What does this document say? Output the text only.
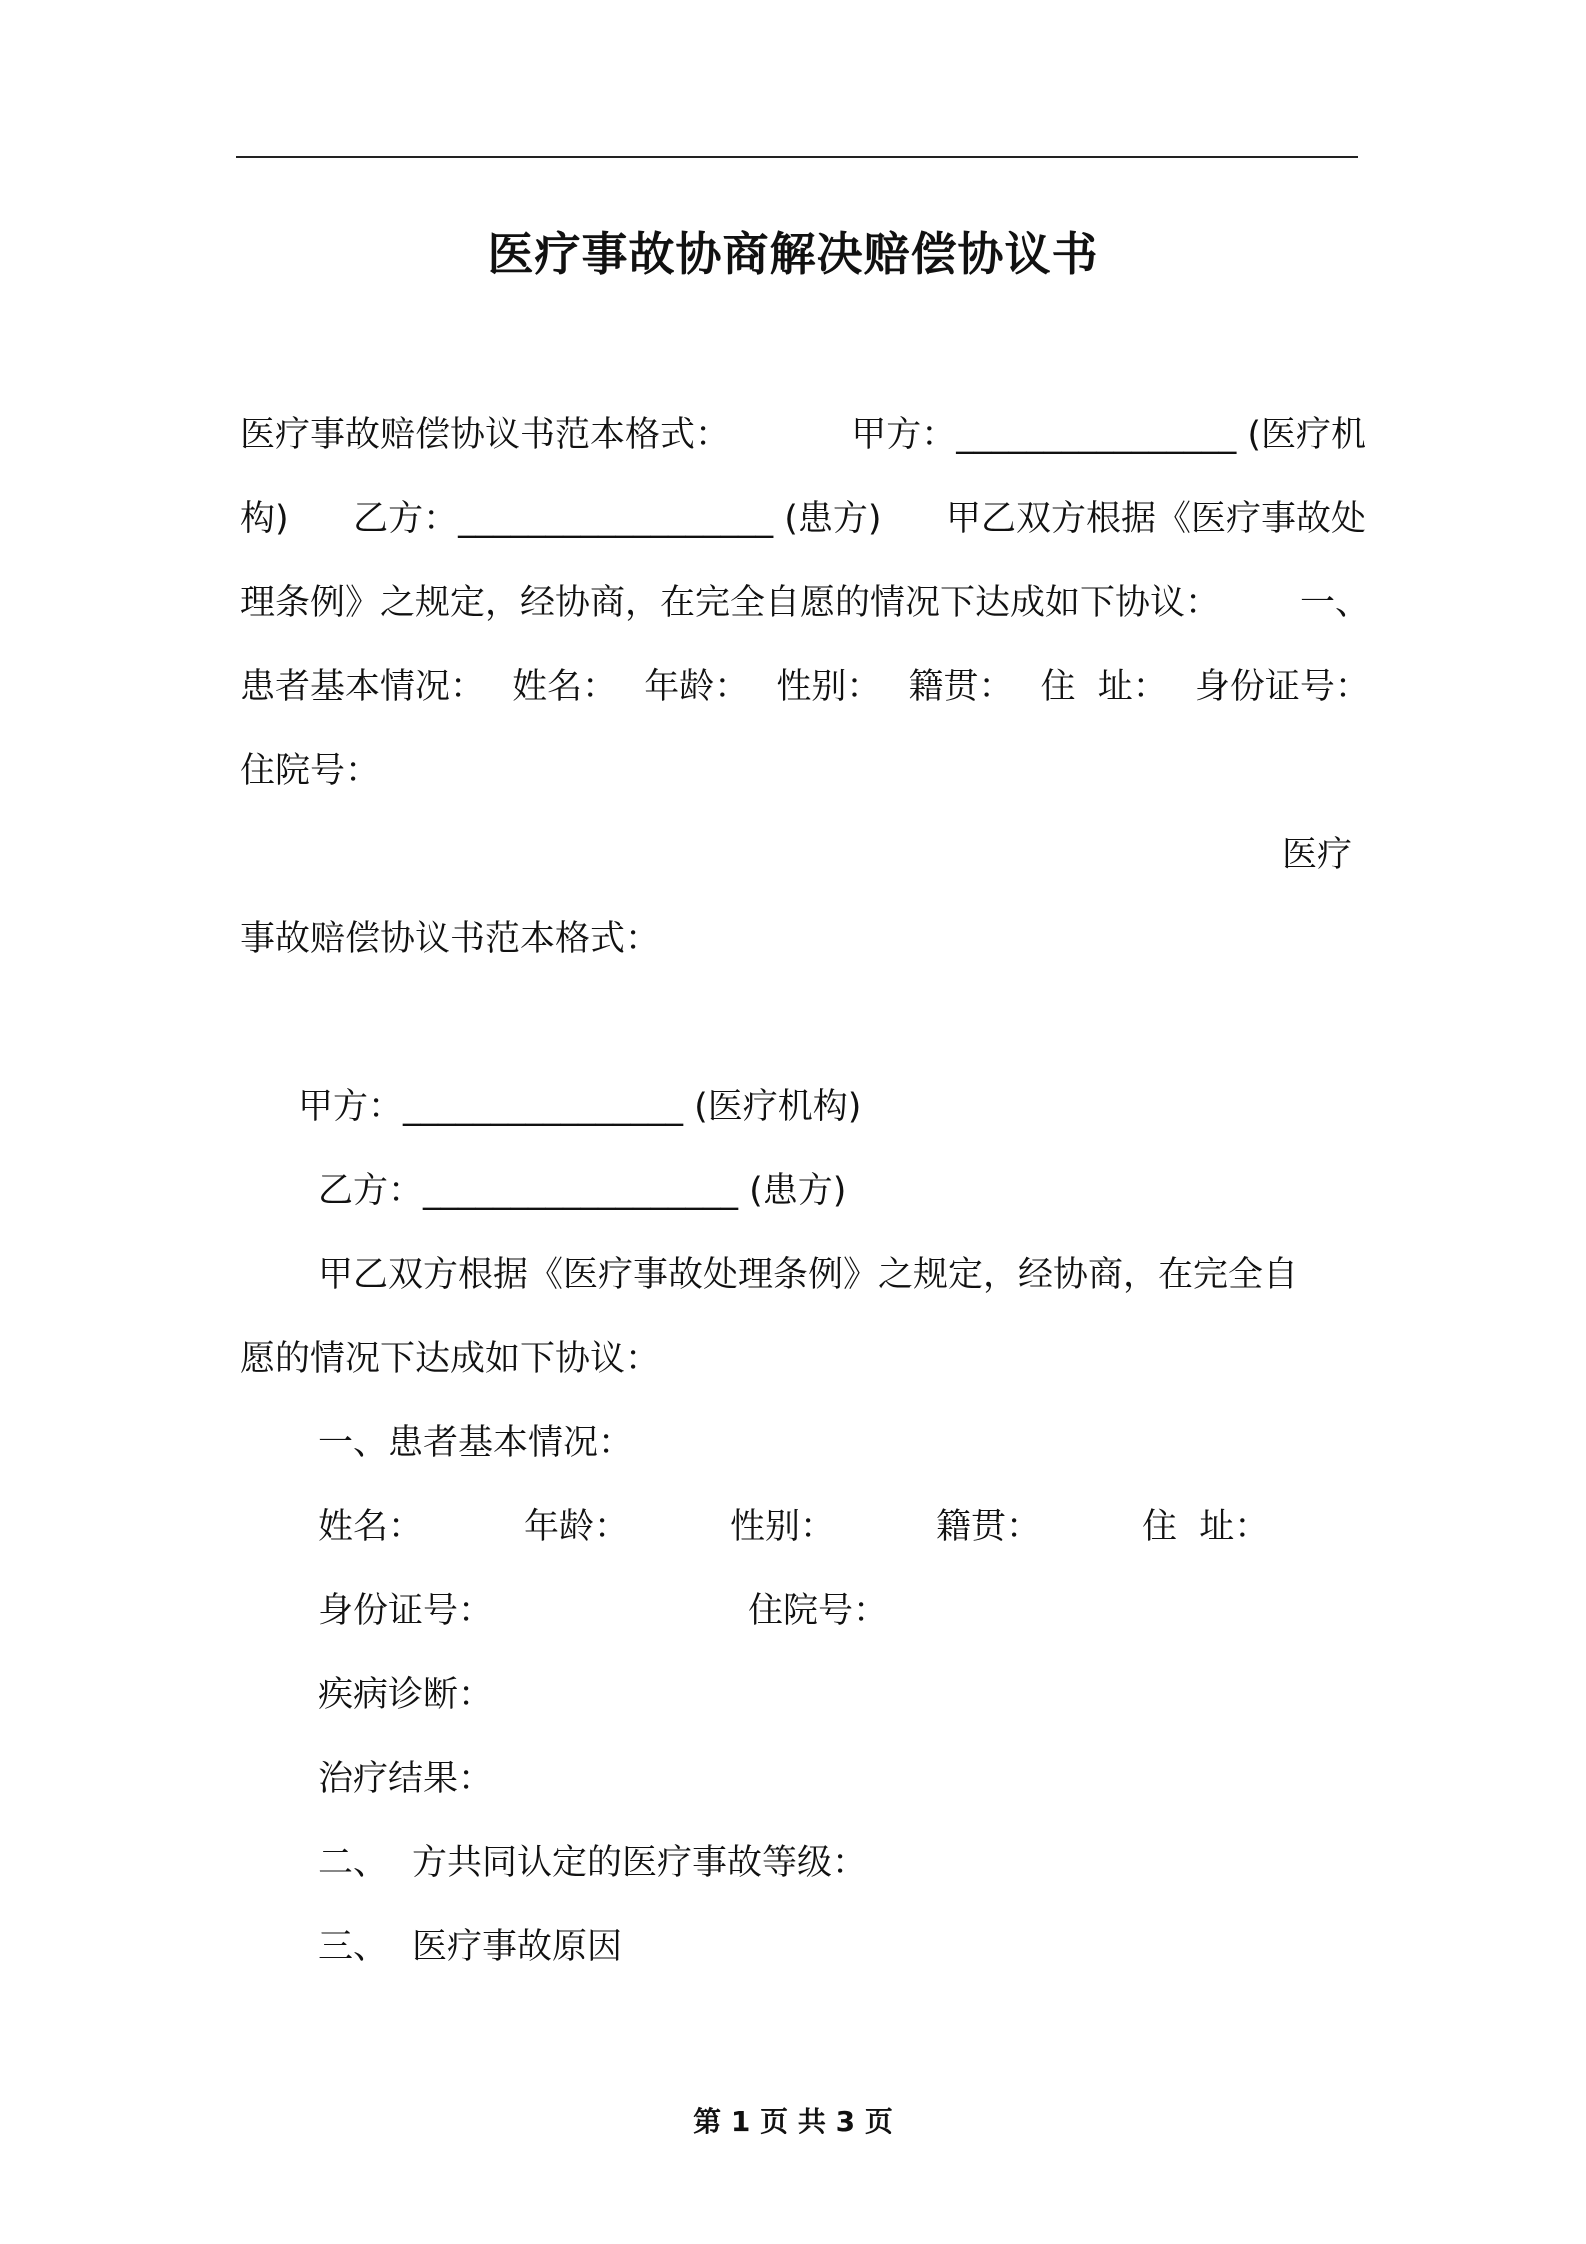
医疗事故协商解决赔偿协议书
医疗事故赔偿协议书范本格式：	甲方：________________ (医疗机
构) 乙方：__________________ (患方) 甲乙双方根据《医疗事故处
理条例》之规定，经协商，在完全自愿的情况下达成如下协议： 一、
患者基本情况： 姓名： 年龄： 性别： 籍贯： 住  址： 身份证号：
住院号：
医疗
事故赔偿协议书范本格式：
甲方：________________ (医疗机构)
乙方：__________________ (患方)
甲乙双方根据《医疗事故处理条例》之规定，经协商，在完全自
愿的情况下达成如下协议：
一、患者基本情况：
姓名：	年龄：	性别：	籍贯：	住  址：
身份证号：	住院号：
疾病诊断：
治疗结果：
二、 方共同认定的医疗事故等级：
三、 医疗事故原因
第 1 页 共 3 页
